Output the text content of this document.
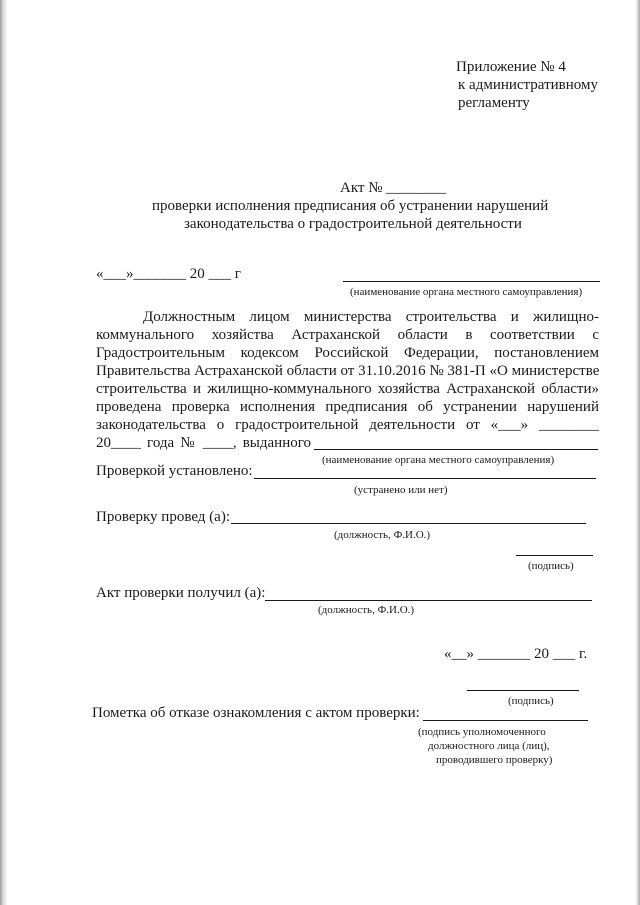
Приложение № 4
к административному
регламенту
Акт № ________
проверки исполнения предписания об устранении нарушений
законодательства о градостроительной деятельности
«___»_______ 20 ___ г
(наименование органа местного самоуправления)
Должностным лицом министерства строительства и жилищно-
коммунального хозяйства Астраханской области в соответствии с
Градостроительным кодексом Российской Федерации, постановлением
Правительства Астраханской области от 31.10.2016 № 381-П «О министерстве
строительства и жилищно-коммунального хозяйства Астраханской области»
проведена проверка исполнения предписания об устранении нарушений
законодательства о градостроительной деятельности от «___» ________
20____ года № ____, выданного
(наименование органа местного самоуправления)
Проверкой установлено:
(устранено или нет)
Проверку провед (а):
(должность, Ф.И.О.)
(подпись)
Акт проверки получил (а):
(должность, Ф.И.О.)
«__» _______ 20 ___ г.
(подпись)
Пометка об отказе ознакомления с актом проверки:
(подпись уполномоченного
должностного лица (лиц),
проводившего проверку)
